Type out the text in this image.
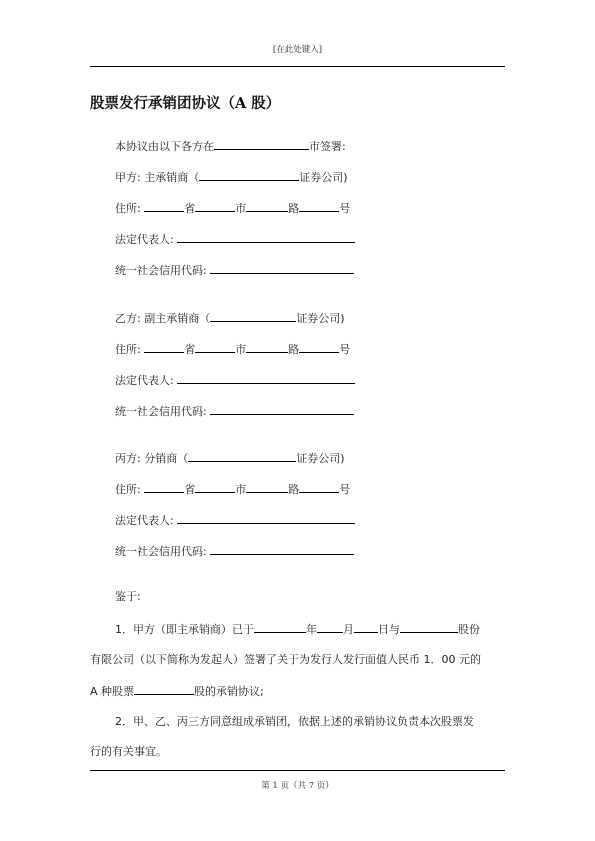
[在此处键入]
股票发行承销团协议（A 股）
本协议由以下各方在	市签署:
甲方: 主承销商（	证券公司)
住所:	省	市	路	号
法定代表人:
统一社会信用代码:
乙方: 副主承销商（	证券公司)
住所:	省	市	路	号
法定代表人:
统一社会信用代码:
丙方: 分销商（	证券公司)
住所:	省	市	路	号
法定代表人:
统一社会信用代码:
鉴于:
1．甲方（即主承销商）已于	年 月 日与	股份
有限公司（以下简称为发起人）签署了关于为发行人发行面值人民币 1．00 元的
A 种股票	股的承销协议;
2．甲、乙、丙三方同意组成承销团，依据上述的承销协议负责本次股票发
行的有关事宜。
第 1 页（共 7 页）
